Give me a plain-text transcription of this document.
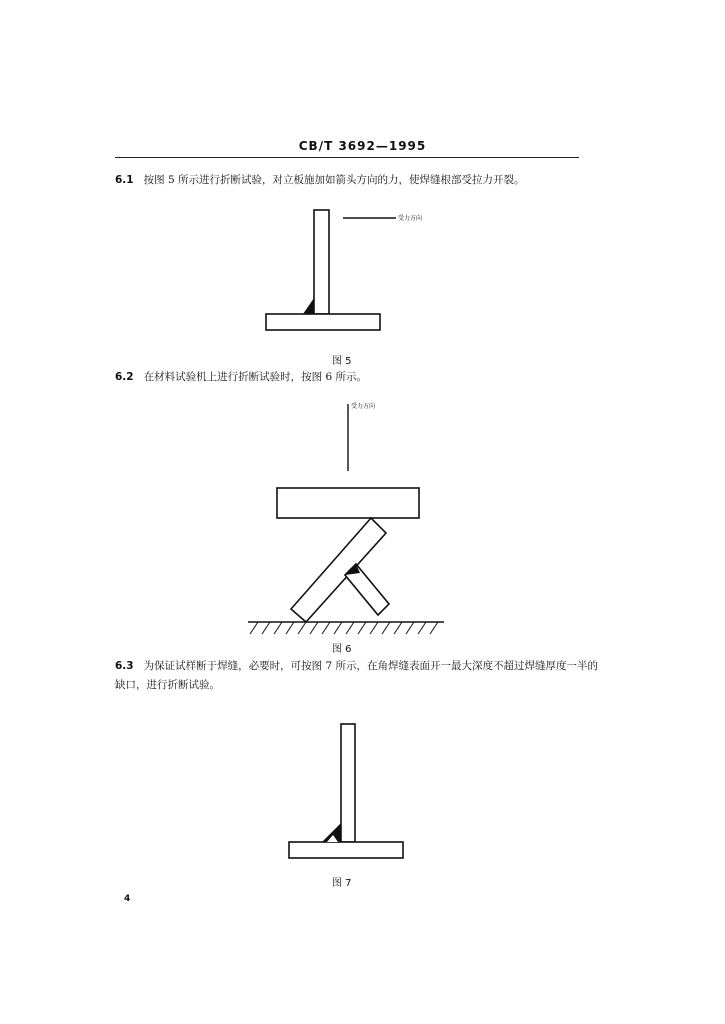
CB/T 3692—1995
6.1 按图 5 所示进行折断试验，对立板施加如箭头方向的力，使焊缝根部受拉力开裂。
6.2 在材料试验机上进行折断试验时，按图 6 所示。
6.3 为保证试样断于焊缝，必要时，可按图 7 所示，在角焊缝表面开一最大深度不超过焊缝厚度一半的
缺口，进行折断试验。
受力方向
受力方向
图 5
图 6
图 7
4
